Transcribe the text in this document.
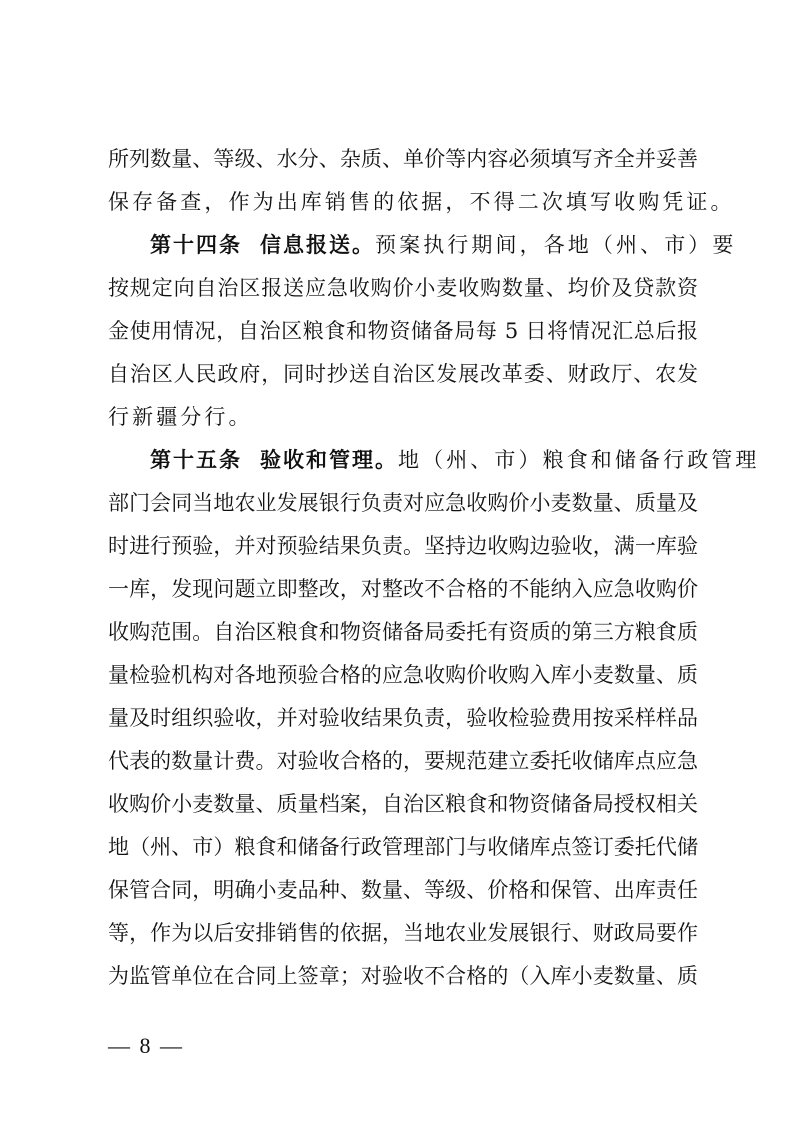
所列数量、等级、水分、杂质、单价等内容必须填写齐全并妥善
保存备查，作为出库销售的依据，不得二次填写收购凭证。
第十四条 信息报送。预案执行期间，各地（州、市）要
按规定向自治区报送应急收购价小麦收购数量、均价及贷款资
金使用情况，自治区粮食和物资储备局每 5 日将情况汇总后报
自治区人民政府，同时抄送自治区发展改革委、财政厅、农发
行新疆分行。
第十五条 验收和管理。地（州、市）粮食和储备行政管理
部门会同当地农业发展银行负责对应急收购价小麦数量、质量及
时进行预验，并对预验结果负责。坚持边收购边验收，满一库验
一库，发现问题立即整改，对整改不合格的不能纳入应急收购价
收购范围。自治区粮食和物资储备局委托有资质的第三方粮食质
量检验机构对各地预验合格的应急收购价收购入库小麦数量、质
量及时组织验收，并对验收结果负责，验收检验费用按采样样品
代表的数量计费。对验收合格的，要规范建立委托收储库点应急
收购价小麦数量、质量档案，自治区粮食和物资储备局授权相关
地（州、市）粮食和储备行政管理部门与收储库点签订委托代储
保管合同，明确小麦品种、数量、等级、价格和保管、出库责任
等，作为以后安排销售的依据，当地农业发展银行、财政局要作
为监管单位在合同上签章；对验收不合格的（入库小麦数量、质
— 8 —
